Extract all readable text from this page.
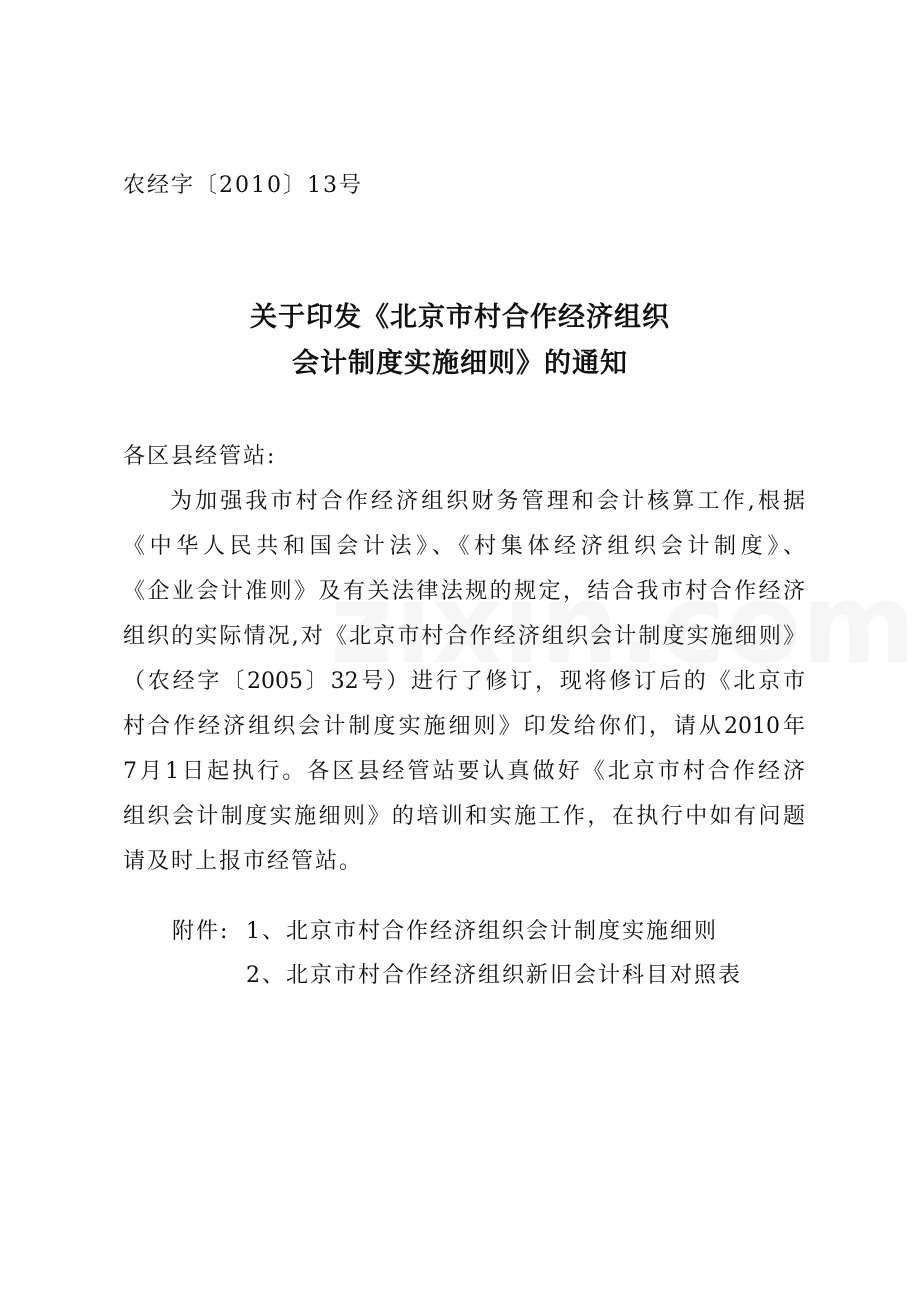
农经字〔2010〕13号
关于印发《北京市村合作经济组织
会计制度实施细则》的通知
各区县经管站:
为加强我市村合作经济组织财务管理和会计核算工作,根据
《中华人民共和国会计法》、《村集体经济组织会计制度》、
《企业会计准则》及有关法律法规的规定，结合我市村合作经济
组织的实际情况,对《北京市村合作经济组织会计制度实施细则》
（农经字〔2005〕32号）进行了修订，现将修订后的《北京市
村合作经济组织会计制度实施细则》印发给你们，请从2010年
7月1日起执行。各区县经管站要认真做好《北京市村合作经济
组织会计制度实施细则》的培训和实施工作，在执行中如有问题
请及时上报市经管站。
附件: 1、北京市村合作经济组织会计制度实施细则
2、北京市村合作经济组织新旧会计科目对照表
